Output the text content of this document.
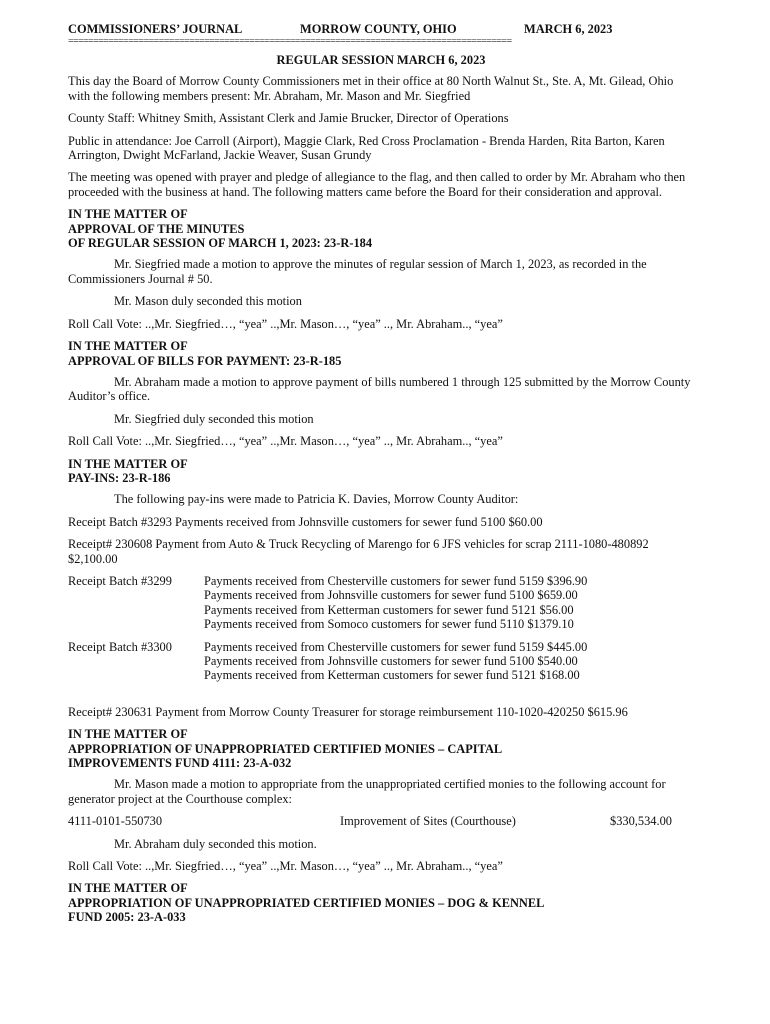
COMMISSIONERS’ JOURNAL	MORROW COUNTY, OHIO	MARCH 6, 2023
========================================================================================
REGULAR SESSION MARCH 6, 2023

This day the Board of Morrow County Commissioners met in their office at 80 North Walnut St., Ste. A, Mt. Gilead, Ohio with the following members present: Mr. Abraham, Mr. Mason and Mr. Siegfried

County Staff: Whitney Smith, Assistant Clerk and Jamie Brucker, Director of Operations

Public in attendance: Joe Carroll (Airport), Maggie Clark, Red Cross Proclamation - Brenda Harden, Rita Barton, Karen Arrington, Dwight McFarland, Jackie Weaver, Susan Grundy

The meeting was opened with prayer and pledge of allegiance to the flag, and then called to order by Mr. Abraham who then proceeded with the business at hand. The following matters came before the Board for their consideration and approval.

IN THE MATTER OF
APPROVAL OF THE MINUTES
OF REGULAR SESSION OF MARCH 1, 2023: 23-R-184

Mr. Siegfried made a motion to approve the minutes of regular session of March 1, 2023, as recorded in the Commissioners Journal # 50.

Mr. Mason duly seconded this motion

Roll Call Vote: ..,Mr. Siegfried…, “yea” ..,Mr. Mason…, “yea” .., Mr. Abraham.., “yea”

IN THE MATTER OF
APPROVAL OF BILLS FOR PAYMENT: 23-R-185

Mr. Abraham made a motion to approve payment of bills numbered 1 through 125 submitted by the Morrow County Auditor’s office.

Mr. Siegfried duly seconded this motion

Roll Call Vote: ..,Mr. Siegfried…, “yea” ..,Mr. Mason…, “yea” .., Mr. Abraham.., “yea”

IN THE MATTER OF
PAY-INS: 23-R-186

The following pay-ins were made to Patricia K. Davies, Morrow County Auditor:

Receipt Batch #3293 Payments received from Johnsville customers for sewer fund 5100 $60.00

Receipt# 230608 Payment from Auto & Truck Recycling of Marengo for 6 JFS vehicles for scrap 2111-1080-480892 $2,100.00

Receipt Batch #3299	Payments received from Chesterville customers for sewer fund 5159 $396.90
Payments received from Johnsville customers for sewer fund 5100 $659.00
Payments received from Ketterman customers for sewer fund 5121 $56.00
Payments received from Somoco customers for sewer fund 5110 $1379.10
Receipt Batch #3300	Payments received from Chesterville customers for sewer fund 5159 $445.00
Payments received from Johnsville customers for sewer fund 5100 $540.00
Payments received from Ketterman customers for sewer fund 5121 $168.00

Receipt# 230631 Payment from Morrow County Treasurer for storage reimbursement 110-1020-420250 $615.96

IN THE MATTER OF
APPROPRIATION OF UNAPPROPRIATED CERTIFIED MONIES – CAPITAL
IMPROVEMENTS FUND 4111: 23-A-032

Mr. Mason made a motion to appropriate from the unappropriated certified monies to the following account for generator project at the Courthouse complex:

4111-0101-550730	Improvement of Sites (Courthouse)	$330,534.00

Mr. Abraham duly seconded this motion.

Roll Call Vote: ..,Mr. Siegfried…, “yea” ..,Mr. Mason…, “yea” .., Mr. Abraham.., “yea”

IN THE MATTER OF
APPROPRIATION OF UNAPPROPRIATED CERTIFIED MONIES – DOG & KENNEL
FUND 2005: 23-A-033
